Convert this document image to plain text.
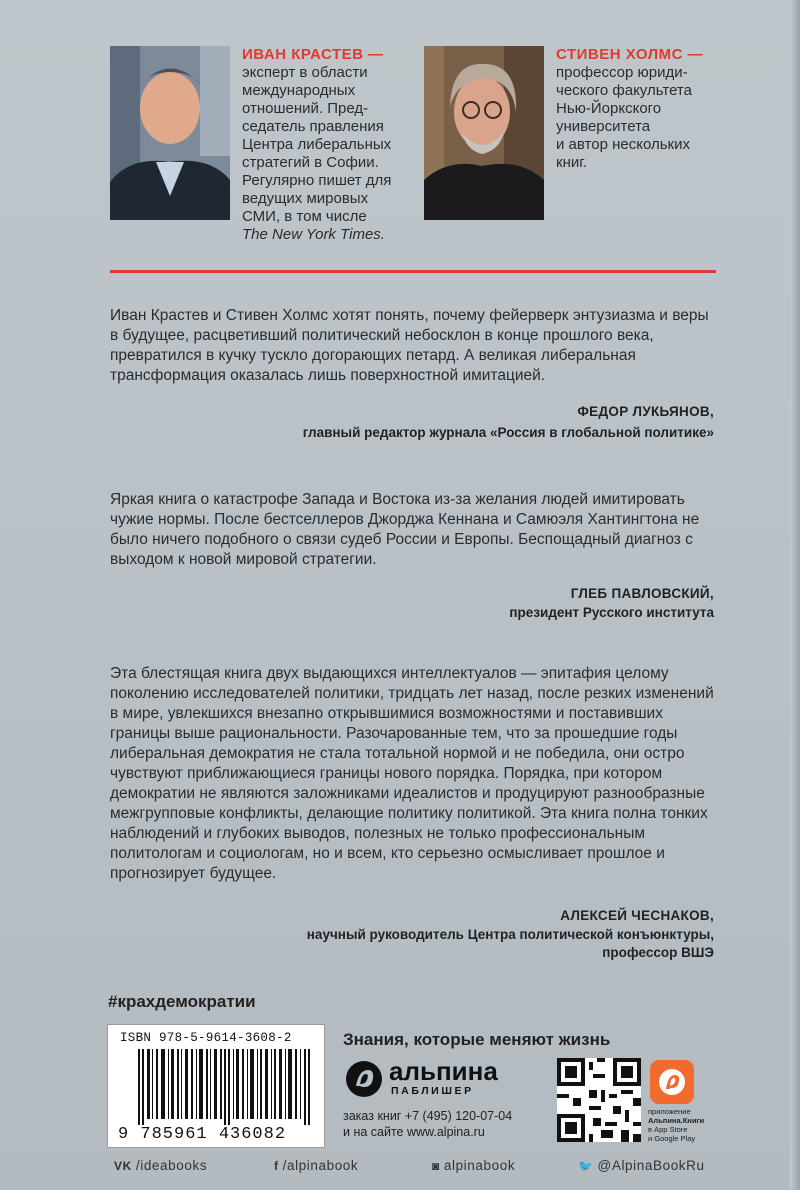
ИВАН КРАСТЕВ —
эксперт в области
международных
отношений. Пред-
седатель правления
Центра либеральных
стратегий в Софии.
Регулярно пишет для
ведущих мировых
СМИ, в том числе
The New York Times.
СТИВЕН ХОЛМС —
профессор юриди-
ческого факультета
Нью-Йоркского
университета
и автор нескольких
книг.
Иван Крастев и Стивен Холмс хотят понять, почему фейерверк энтузиазма и веры в будущее, расцветивший политический небосклон в конце прошлого века, превратился в кучку тускло догорающих петард. А великая либеральная трансформация оказалась лишь поверхностной имитацией.
ФЕДОР ЛУКЬЯНОВ,
главный редактор журнала «Россия в глобальной политике»
Яркая книга о катастрофе Запада и Востока из-за желания людей имитировать чужие нормы. После бестселлеров Джорджа Кеннана и Самюэля Хантингтона не было ничего подобного о связи судеб России и Европы. Беспощадный диагноз с выходом к новой мировой стратегии.
ГЛЕБ ПАВЛОВСКИЙ,
президент Русского института
Эта блестящая книга двух выдающихся интеллектуалов — эпитафия целому поколению исследователей политики, тридцать лет назад, после резких изменений в мире, увлекшихся внезапно открывшимися возможностями и поставивших границы выше рациональности. Разочарованные тем, что за прошедшие годы либеральная демократия не стала тотальной нормой и не победила, они остро чувствуют приближающиеся границы нового порядка. Порядка, при котором демократии не являются заложниками идеалистов и продуцируют разнообразные межгрупповые конфликты, делающие политику политикой. Эта книга полна тонких наблюдений и глубоких выводов, полезных не только профессиональным политологам и социологам, но и всем, кто серьезно осмысливает прошлое и прогнозирует будущее.
АЛЕКСЕЙ ЧЕСНАКОВ,
научный руководитель Центра политической конъюнктуры,
профессор ВШЭ
#крахдемократии
ISBN 978-5-9614-3608-2
9 785961 436082
Знания, которые меняют жизнь
альпина
ПАБЛИШЕР
заказ книг +7 (495) 120-07-04
и на сайте www.alpina.ru
приложение
Альпина.Книги
в App Store
и Google Play
VK /ideabooks	f /alpinabook	◙ alpinabook	🐦 @AlpinaBookRu
